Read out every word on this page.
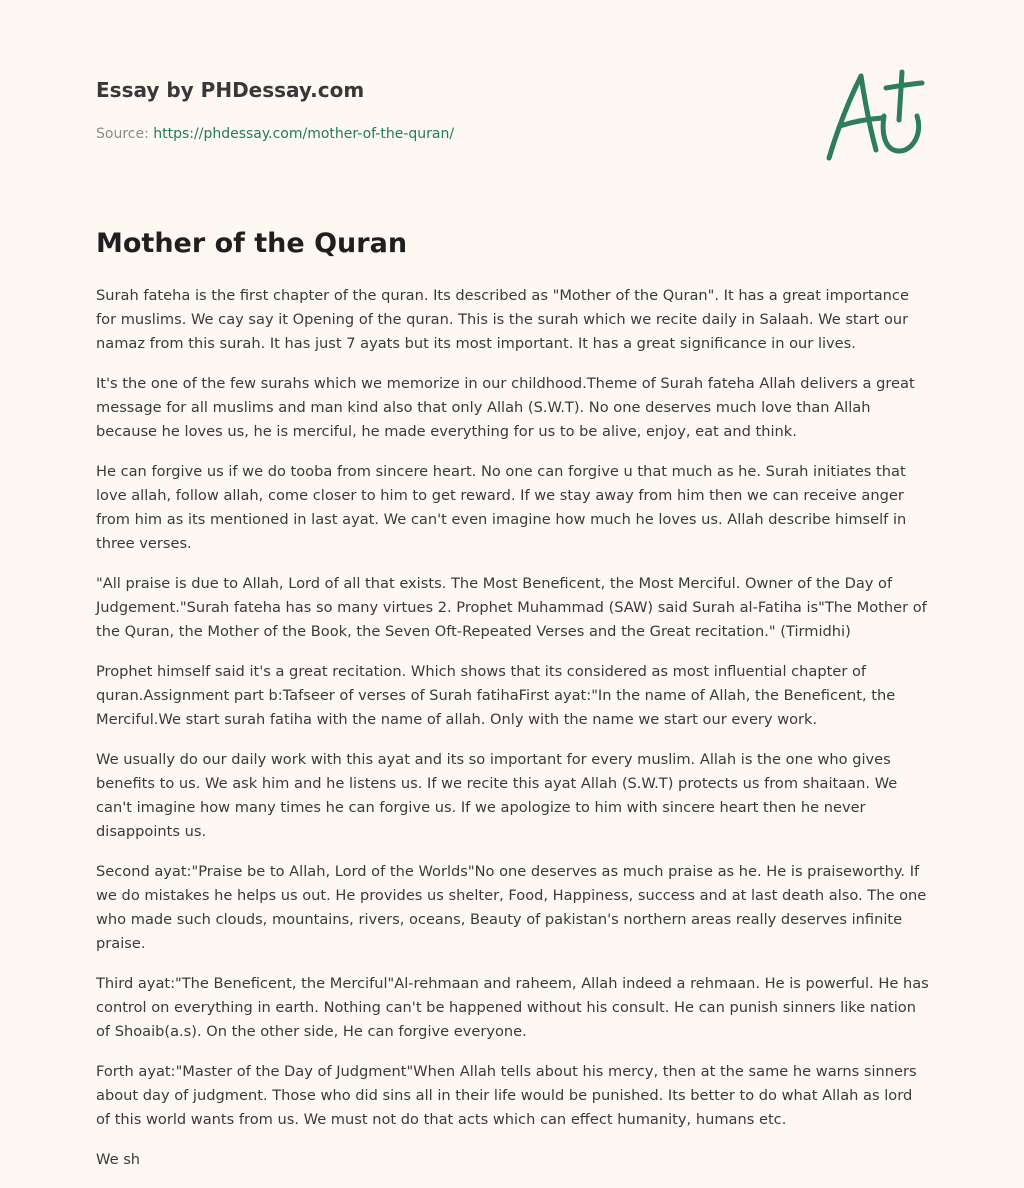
Essay by PHDessay.com
Source: https://phdessay.com/mother-of-the-quran/
Mother of the Quran

Surah fateha is the first chapter of the quran. Its described as "Mother of the Quran". It has a great importance for muslims. We cay say it Opening of the quran. This is the surah which we recite daily in Salaah. We start our namaz from this surah. It has just 7 ayats but its most important. It has a great significance in our lives.

It's the one of the few surahs which we memorize in our childhood.Theme of Surah fateha Allah delivers a great message for all muslims and man kind also that only Allah (S.W.T). No one deserves much love than Allah because he loves us, he is merciful, he made everything for us to be alive, enjoy, eat and think.

He can forgive us if we do tooba from sincere heart. No one can forgive u that much as he. Surah initiates that love allah, follow allah, come closer to him to get reward. If we stay away from him then we can receive anger from him as its mentioned in last ayat. We can't even imagine how much he loves us. Allah describe himself in three verses.

"All praise is due to Allah, Lord of all that exists. The Most Beneficent, the Most Merciful. Owner of the Day of Judgement."Surah fateha has so many virtues 2. Prophet Muhammad (SAW) said Surah al-Fatiha is"The Mother of the Quran, the Mother of the Book, the Seven Oft-Repeated Verses and the Great recitation." (Tirmidhi)

Prophet himself said it's a great recitation. Which shows that its considered as most influential chapter of quran.Assignment part b:Tafseer of verses of Surah fatihaFirst ayat:"In the name of Allah, the Beneficent, the Merciful.We start surah fatiha with the name of allah. Only with the name we start our every work.

We usually do our daily work with this ayat and its so important for every muslim. Allah is the one who gives benefits to us. We ask him and he listens us. If we recite this ayat Allah (S.W.T) protects us from shaitaan. We can't imagine how many times he can forgive us. If we apologize to him with sincere heart then he never disappoints us.

Second ayat:"Praise be to Allah, Lord of the Worlds"No one deserves as much praise as he. He is praiseworthy. If we do mistakes he helps us out. He provides us shelter, Food, Happiness, success and at last death also. The one who made such clouds, mountains, rivers, oceans, Beauty of pakistan's northern areas really deserves infinite praise.

Third ayat:"The Beneficent, the Merciful"Al-rehmaan and raheem, Allah indeed a rehmaan. He is powerful. He has control on everything in earth. Nothing can't be happened without his consult. He can punish sinners like nation of Shoaib(a.s). On the other side, He can forgive everyone.

Forth ayat:"Master of the Day of Judgment"When Allah tells about his mercy, then at the same he warns sinners about day of judgment. Those who did sins all in their life would be punished. Its better to do what Allah as lord of this world wants from us. We must not do that acts which can effect humanity, humans etc.

We sh
